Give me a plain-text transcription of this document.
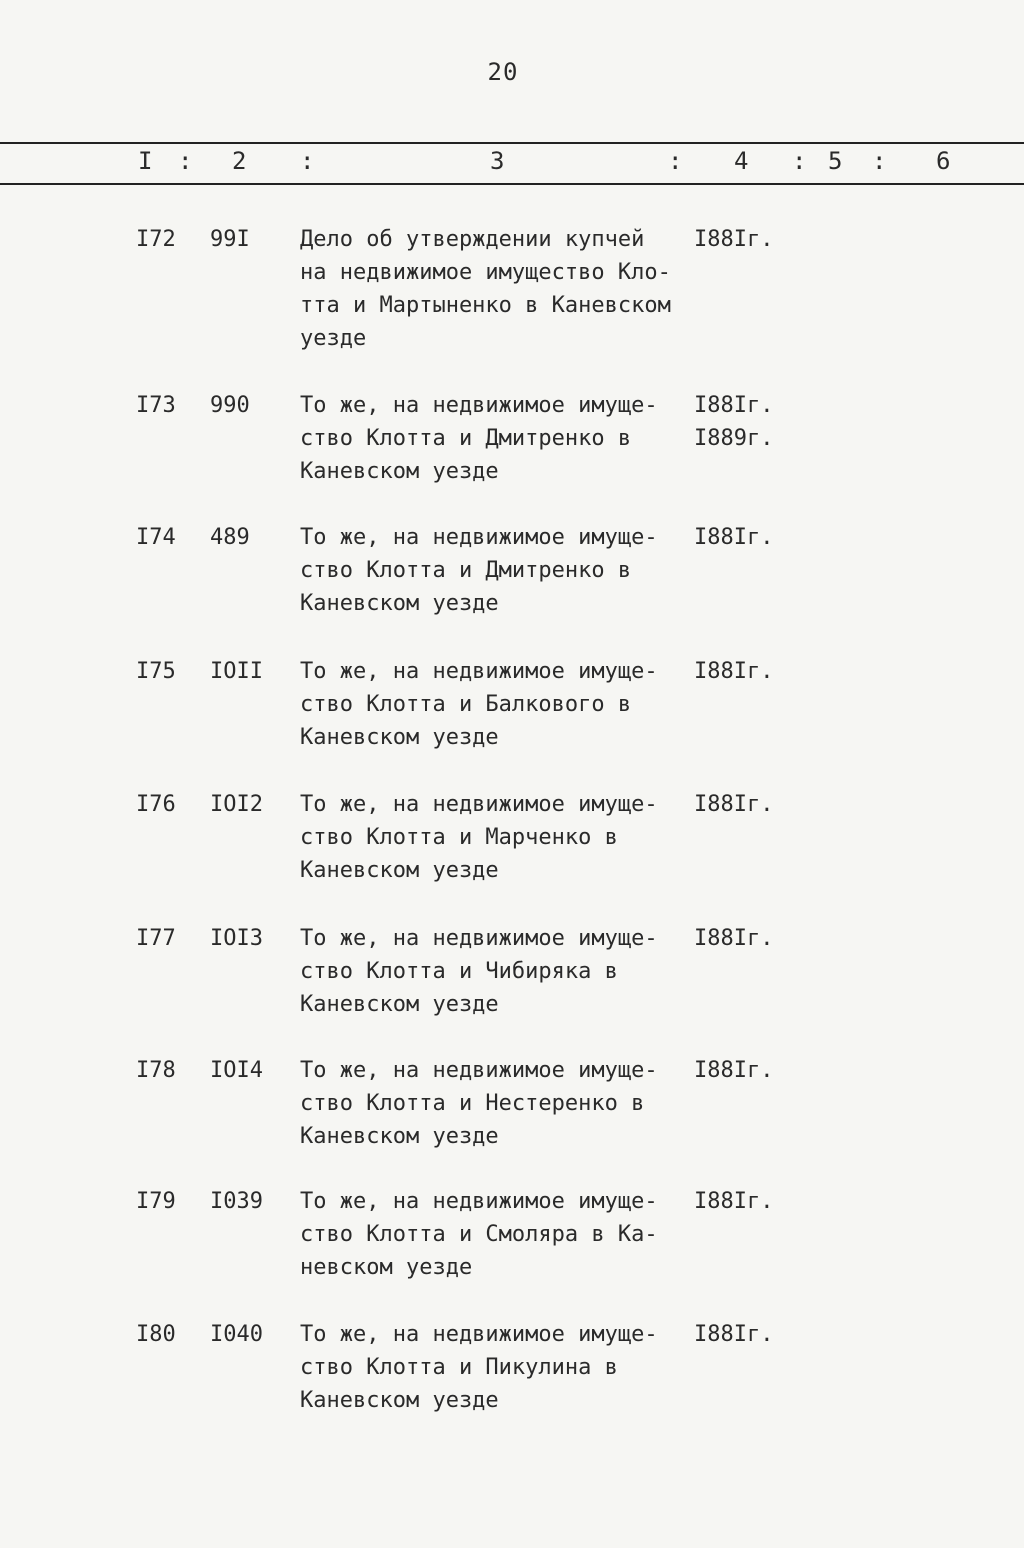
20
I : 2 :	3	: 4 : 5 : 6
I72 99I Дело об утверждении купчей
на недвижимое имущество Кло-
тта и Мартыненко в Каневском
уезде
I88Iг.
I73 990 То же, на недвижимое имуще-
ство Клотта и Дмитренко в
Каневском уезде
I88Iг.
I889г.
I74 489 То же, на недвижимое имуще-
ство Клотта и Дмитренко в
Каневском уезде
I88Iг.
I75 IOII То же, на недвижимое имуще-
ство Клотта и Балкового в
Каневском уезде
I88Iг.
I76 IOI2 То же, на недвижимое имуще-
ство Клотта и Марченко в
Каневском уезде
I88Iг.
I77 IOI3 То же, на недвижимое имуще-
ство Клотта и Чибиряка в
Каневском уезде
I88Iг.
I78 IOI4 То же, на недвижимое имуще-
ство Клотта и Нестеренко в
Каневском уезде
I88Iг.
I79 I039 То же, на недвижимое имуще-
ство Клотта и Смоляра в Ка-
невском уезде
I88Iг.
I80 I040 То же, на недвижимое имуще-
ство Клотта и Пикулина в
Каневском уезде
I88Iг.
